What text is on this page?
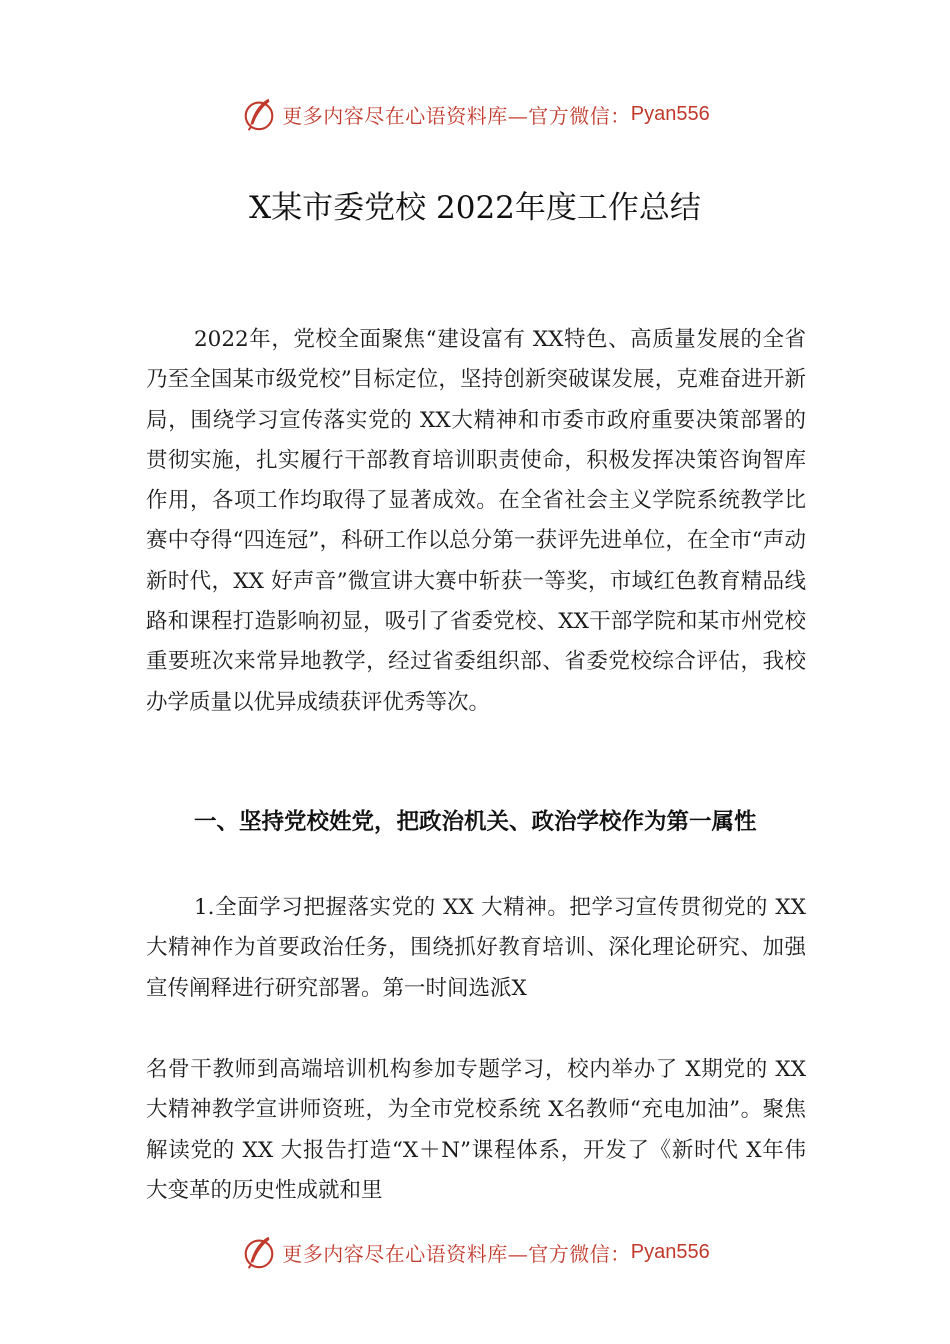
更多内容尽在心语资料库—官方微信： Pyan556
X某市委党校 2022年度工作总结

2022年，党校全面聚焦“建设富有 XX特色、高质量发展的全省乃至全国某市级党校”目标定位，坚持创新突破谋发展，克难奋进开新局，围绕学习宣传落实党的 XX大精神和市委市政府重要决策部署的贯彻实施，扎实履行干部教育培训职责使命，积极发挥决策咨询智库作用，各项工作均取得了显著成效。在全省社会主义学院系统教学比赛中夺得“四连冠”，科研工作以总分第一获评先进单位，在全市“声动新时代，XX 好声音”微宣讲大赛中斩获一等奖，市域红色教育精品线路和课程打造影响初显，吸引了省委党校、XX干部学院和某市州党校重要班次来常异地教学，经过省委组织部、省委党校综合评估，我校办学质量以优异成绩获评优秀等次。

一、坚持党校姓党，把政治机关、政治学校作为第一属性

1.全面学习把握落实党的 XX 大精神。把学习宣传贯彻党的 XX大精神作为首要政治任务，围绕抓好教育培训、深化理论研究、加强宣传阐释进行研究部署。第一时间选派X

名骨干教师到高端培训机构参加专题学习，校内举办了 X期党的 XX大精神教学宣讲师资班，为全市党校系统 X名教师“充电加油”。聚焦解读党的 XX 大报告打造“X＋N”课程体系，开发了《新时代 X年伟大变革的历史性成就和里

更多内容尽在心语资料库—官方微信： Pyan556
